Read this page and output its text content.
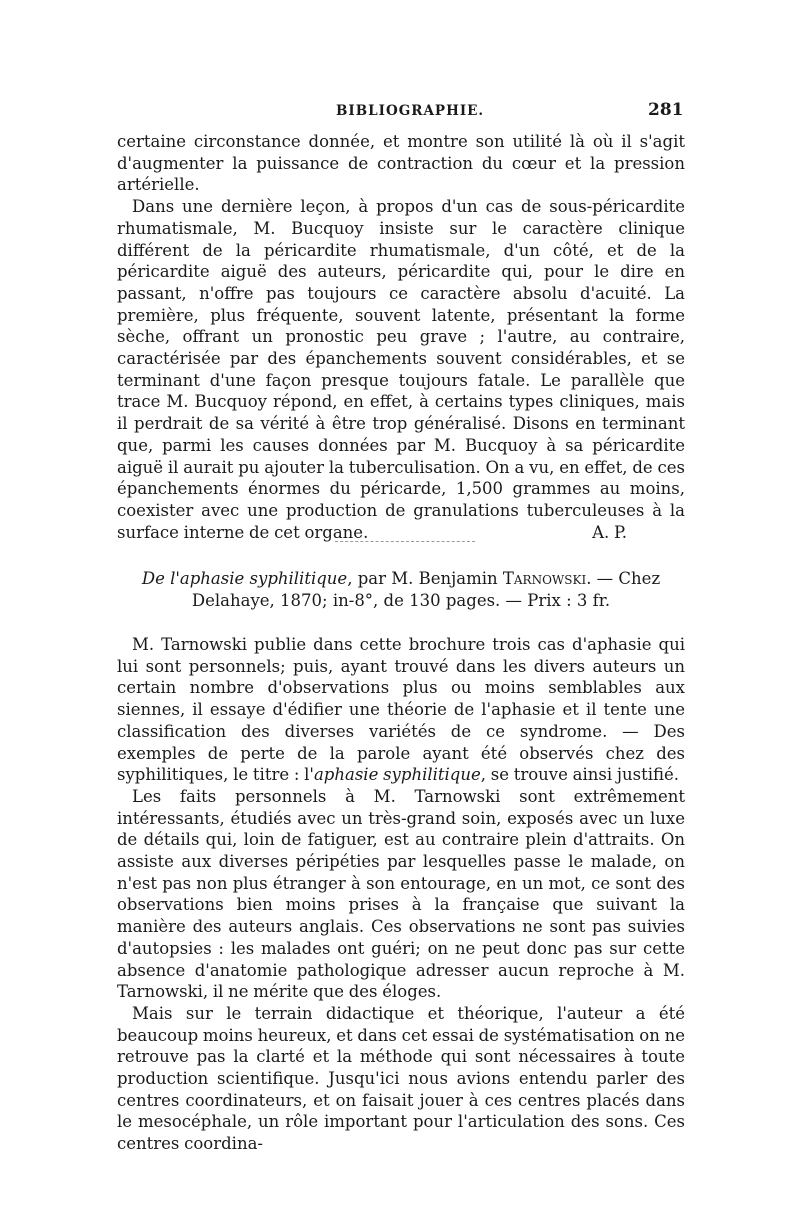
BIBLIOGRAPHIE.	281

certaine circonstance donnée, et montre son utilité là où il s'agit d'augmenter la puissance de contraction du cœur et la pression artérielle.

Dans une dernière leçon, à propos d'un cas de sous-péricardite rhumatismale, M. Bucquoy insiste sur le caractère clinique différent de la péricardite rhumatismale, d'un côté, et de la péricardite aiguë des auteurs, péricardite qui, pour le dire en passant, n'offre pas toujours ce caractère absolu d'acuité. La première, plus fréquente, souvent latente, présentant la forme sèche, offrant un pronostic peu grave ; l'autre, au contraire, caractérisée par des épanchements souvent considérables, et se terminant d'une façon presque toujours fatale. Le parallèle que trace M. Bucquoy répond, en effet, à certains types cliniques, mais il perdrait de sa vérité à être trop généralisé. Disons en terminant que, parmi les causes données par M. Bucquoy à sa péricardite aiguë il aurait pu ajouter la tuberculisation. On a vu, en effet, de ces épanchements énormes du péricarde, 1,500 grammes au moins, coexister avec une production de granulations tuberculeuses à la surface interne de cet organe.	A. P.

De l'aphasie syphilitique, par M. Benjamin Tarnowski. — Chez Delahaye, 1870; in-8°, de 130 pages. — Prix : 3 fr.

M. Tarnowski publie dans cette brochure trois cas d'aphasie qui lui sont personnels; puis, ayant trouvé dans les divers auteurs un certain nombre d'observations plus ou moins semblables aux siennes, il essaye d'édifier une théorie de l'aphasie et il tente une classification des diverses variétés de ce syndrome. — Des exemples de perte de la parole ayant été observés chez des syphilitiques, le titre : l'aphasie syphilitique, se trouve ainsi justifié.

Les faits personnels à M. Tarnowski sont extrêmement intéressants, étudiés avec un très-grand soin, exposés avec un luxe de détails qui, loin de fatiguer, est au contraire plein d'attraits. On assiste aux diverses péripéties par lesquelles passe le malade, on n'est pas non plus étranger à son entourage, en un mot, ce sont des observations bien moins prises à la française que suivant la manière des auteurs anglais. Ces observations ne sont pas suivies d'autopsies : les malades ont guéri; on ne peut donc pas sur cette absence d'anatomie pathologique adresser aucun reproche à M. Tarnowski, il ne mérite que des éloges.

Mais sur le terrain didactique et théorique, l'auteur a été beaucoup moins heureux, et dans cet essai de systématisation on ne retrouve pas la clarté et la méthode qui sont nécessaires à toute production scientifique. Jusqu'ici nous avions entendu parler des centres coordinateurs, et on faisait jouer à ces centres placés dans le mesocéphale, un rôle important pour l'articulation des sons. Ces centres coordina-
